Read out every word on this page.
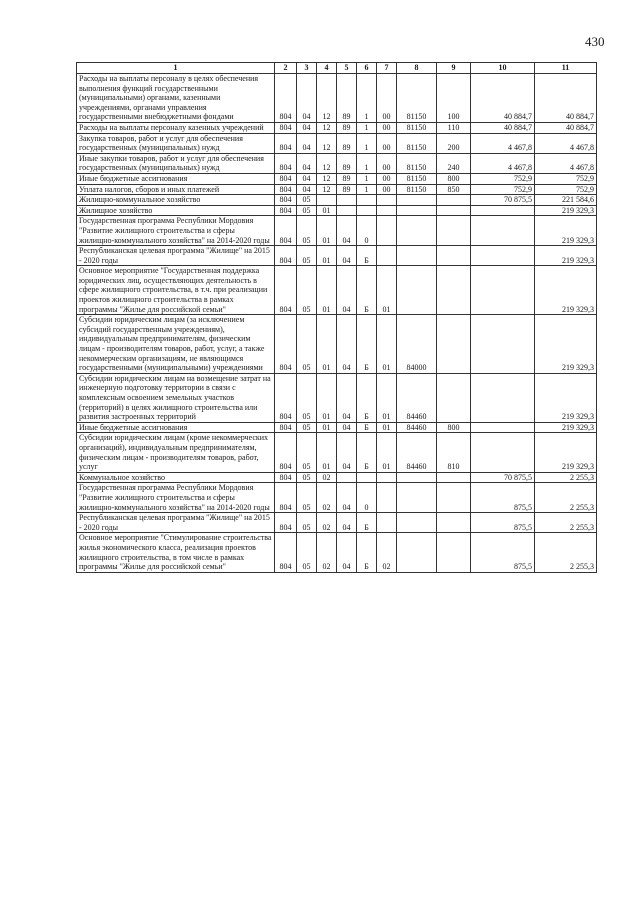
430
1	2	3	4	5	6	7	8	9	10	11
Расходы на выплаты персоналу в целях обеспечения выполнения функций государственными (муниципальными) органами, казенными учреждениями, органами управления государственными внебюджетными фондами	804	04	12	89	1	00	81150	100	40 884,7	40 884,7
Расходы на выплаты персоналу казенных учреждений	804	04	12	89	1	00	81150	110	40 884,7	40 884,7
Закупка товаров, работ и услуг для обеспечения государственных (муниципальных) нужд	804	04	12	89	1	00	81150	200	4 467,8	4 467,8
Иные закупки товаров, работ и услуг для обеспечения государственных (муниципальных) нужд	804	04	12	89	1	00	81150	240	4 467,8	4 467,8
Иные бюджетные ассигнования	804	04	12	89	1	00	81150	800	752,9	752,9
Уплата налогов, сборов и иных платежей	804	04	12	89	1	00	81150	850	752,9	752,9
Жилищно-коммунальное хозяйство	804	05							70 875,5	221 584,6
Жилищное хозяйство	804	05	01							219 329,3
Государственная программа Республики Мордовия "Развитие жилищного строительства и сферы жилищно-коммунального хозяйства" на 2014-2020 годы	804	05	01	04	0					219 329,3
Республиканская целевая программа "Жилище" на 2015 - 2020 годы	804	05	01	04	Б					219 329,3
Основное мероприятие "Государственная поддержка юридических лиц, осуществляющих деятельность в сфере жилищного строительства, в т.ч. при реализации проектов жилищного строительства в рамках программы "Жилье для российской семьи"	804	05	01	04	Б	01				219 329,3
Субсидии юридическим лицам (за исключением субсидий государственным учреждениям), индивидуальным предпринимателям, физическим лицам - производителям товаров, работ, услуг, а также некоммерческим организациям, не являющимся государственными (муниципальными) учреждениями	804	05	01	04	Б	01	84000			219 329,3
Субсидии юридическим лицам на возмещение затрат на инженерную подготовку территории в связи с комплексным освоением земельных участков (территорий) в целях жилищного строительства или развития застроенных территорий	804	05	01	04	Б	01	84460			219 329,3
Иные бюджетные ассигнования	804	05	01	04	Б	01	84460	800		219 329,3
Субсидии юридическим лицам (кроме некоммерческих организаций), индивидуальным предпринимателям, физическим лицам - производителям товаров, работ, услуг	804	05	01	04	Б	01	84460	810		219 329,3
Коммунальное хозяйство	804	05	02						70 875,5	2 255,3
Государственная программа Республики Мордовия "Развитие жилищного строительства и сферы жилищно-коммунального хозяйства" на 2014-2020 годы	804	05	02	04	0				875,5	2 255,3
Республиканская целевая программа "Жилище" на 2015 - 2020 годы	804	05	02	04	Б				875,5	2 255,3
Основное мероприятие "Стимулирование строительства жилья экономического класса, реализация проектов жилищного строительства, в том числе в рамках программы "Жилье для российской семьи"	804	05	02	04	Б	02			875,5	2 255,3
